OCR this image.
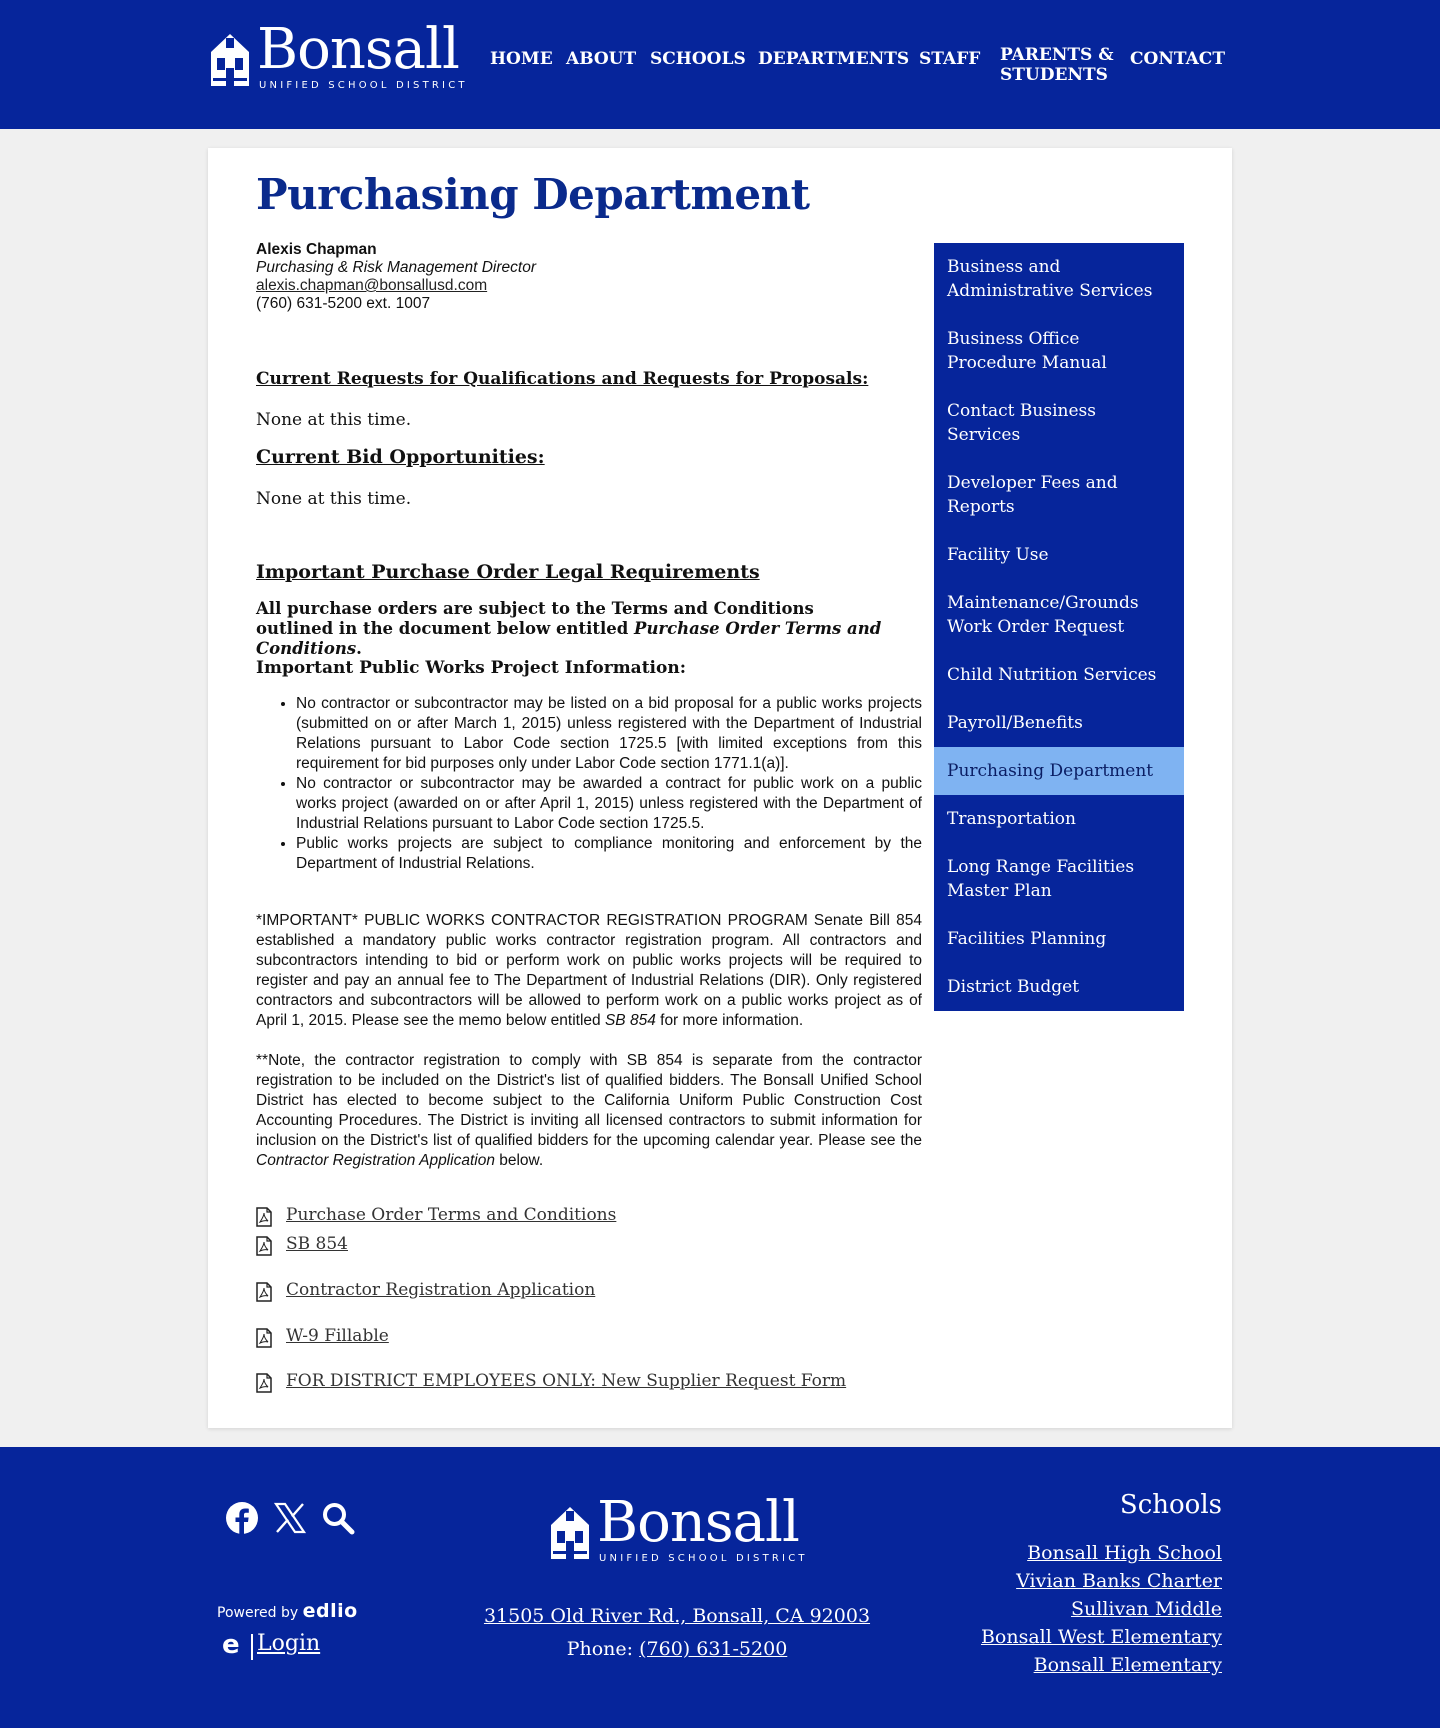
Bonsall
UNIFIED SCHOOL DISTRICT
HOME ABOUT SCHOOLS DEPARTMENTS STAFF PARENTS &
STUDENTS
CONTACT
Purchasing Department
Alexis Chapman
Purchasing & Risk Management Director
alexis.chapman@bonsallusd.com
(760) 631-5200 ext. 1007
Current Requests for Qualifications and Requests for Proposals:
None at this time.
Current Bid Opportunities:
None at this time.
Important Purchase Order Legal Requirements
All purchase orders are subject to the Terms and Conditions outlined in the document below entitled Purchase Order Terms and Conditions.
Important Public Works Project Information:
• No contractor or subcontractor may be listed on a bid proposal for a public works projects (submitted on or after March 1, 2015) unless registered with the Department of Industrial Relations pursuant to Labor Code section 1725.5 [with limited exceptions from this requirement for bid purposes only under Labor Code section 1771.1(a)].
• No contractor or subcontractor may be awarded a contract for public work on a public works project (awarded on or after April 1, 2015) unless registered with the Department of Industrial Relations pursuant to Labor Code section 1725.5.
• Public works projects are subject to compliance monitoring and enforcement by the Department of Industrial Relations.
*IMPORTANT* PUBLIC WORKS CONTRACTOR REGISTRATION PROGRAM Senate Bill 854 established a mandatory public works contractor registration program. All contractors and subcontractors intending to bid or perform work on public works projects will be required to register and pay an annual fee to The Department of Industrial Relations (DIR). Only registered contractors and subcontractors will be allowed to perform work on a public works project as of April 1, 2015. Please see the memo below entitled SB 854 for more information.
**Note, the contractor registration to comply with SB 854 is separate from the contractor registration to be included on the District's list of qualified bidders. The Bonsall Unified School District has elected to become subject to the California Uniform Public Construction Cost Accounting Procedures. The District is inviting all licensed contractors to submit information for inclusion on the District's list of qualified bidders for the upcoming calendar year. Please see the Contractor Registration Application below.
Purchase Order Terms and Conditions
SB 854
Contractor Registration Application
W-9 Fillable
FOR DISTRICT EMPLOYEES ONLY: New Supplier Request Form
Business and Administrative Services
Business Office Procedure Manual
Contact Business Services
Developer Fees and Reports
Facility Use
Maintenance/Grounds Work Order Request
Child Nutrition Services
Payroll/Benefits
Purchasing Department
Transportation
Long Range Facilities Master Plan
Facilities Planning
District Budget
Powered by edlio
e Login
Bonsall
UNIFIED SCHOOL DISTRICT
31505 Old River Rd., Bonsall, CA 92003
Phone: (760) 631-5200
Schools
Bonsall High School
Vivian Banks Charter
Sullivan Middle
Bonsall West Elementary
Bonsall Elementary
